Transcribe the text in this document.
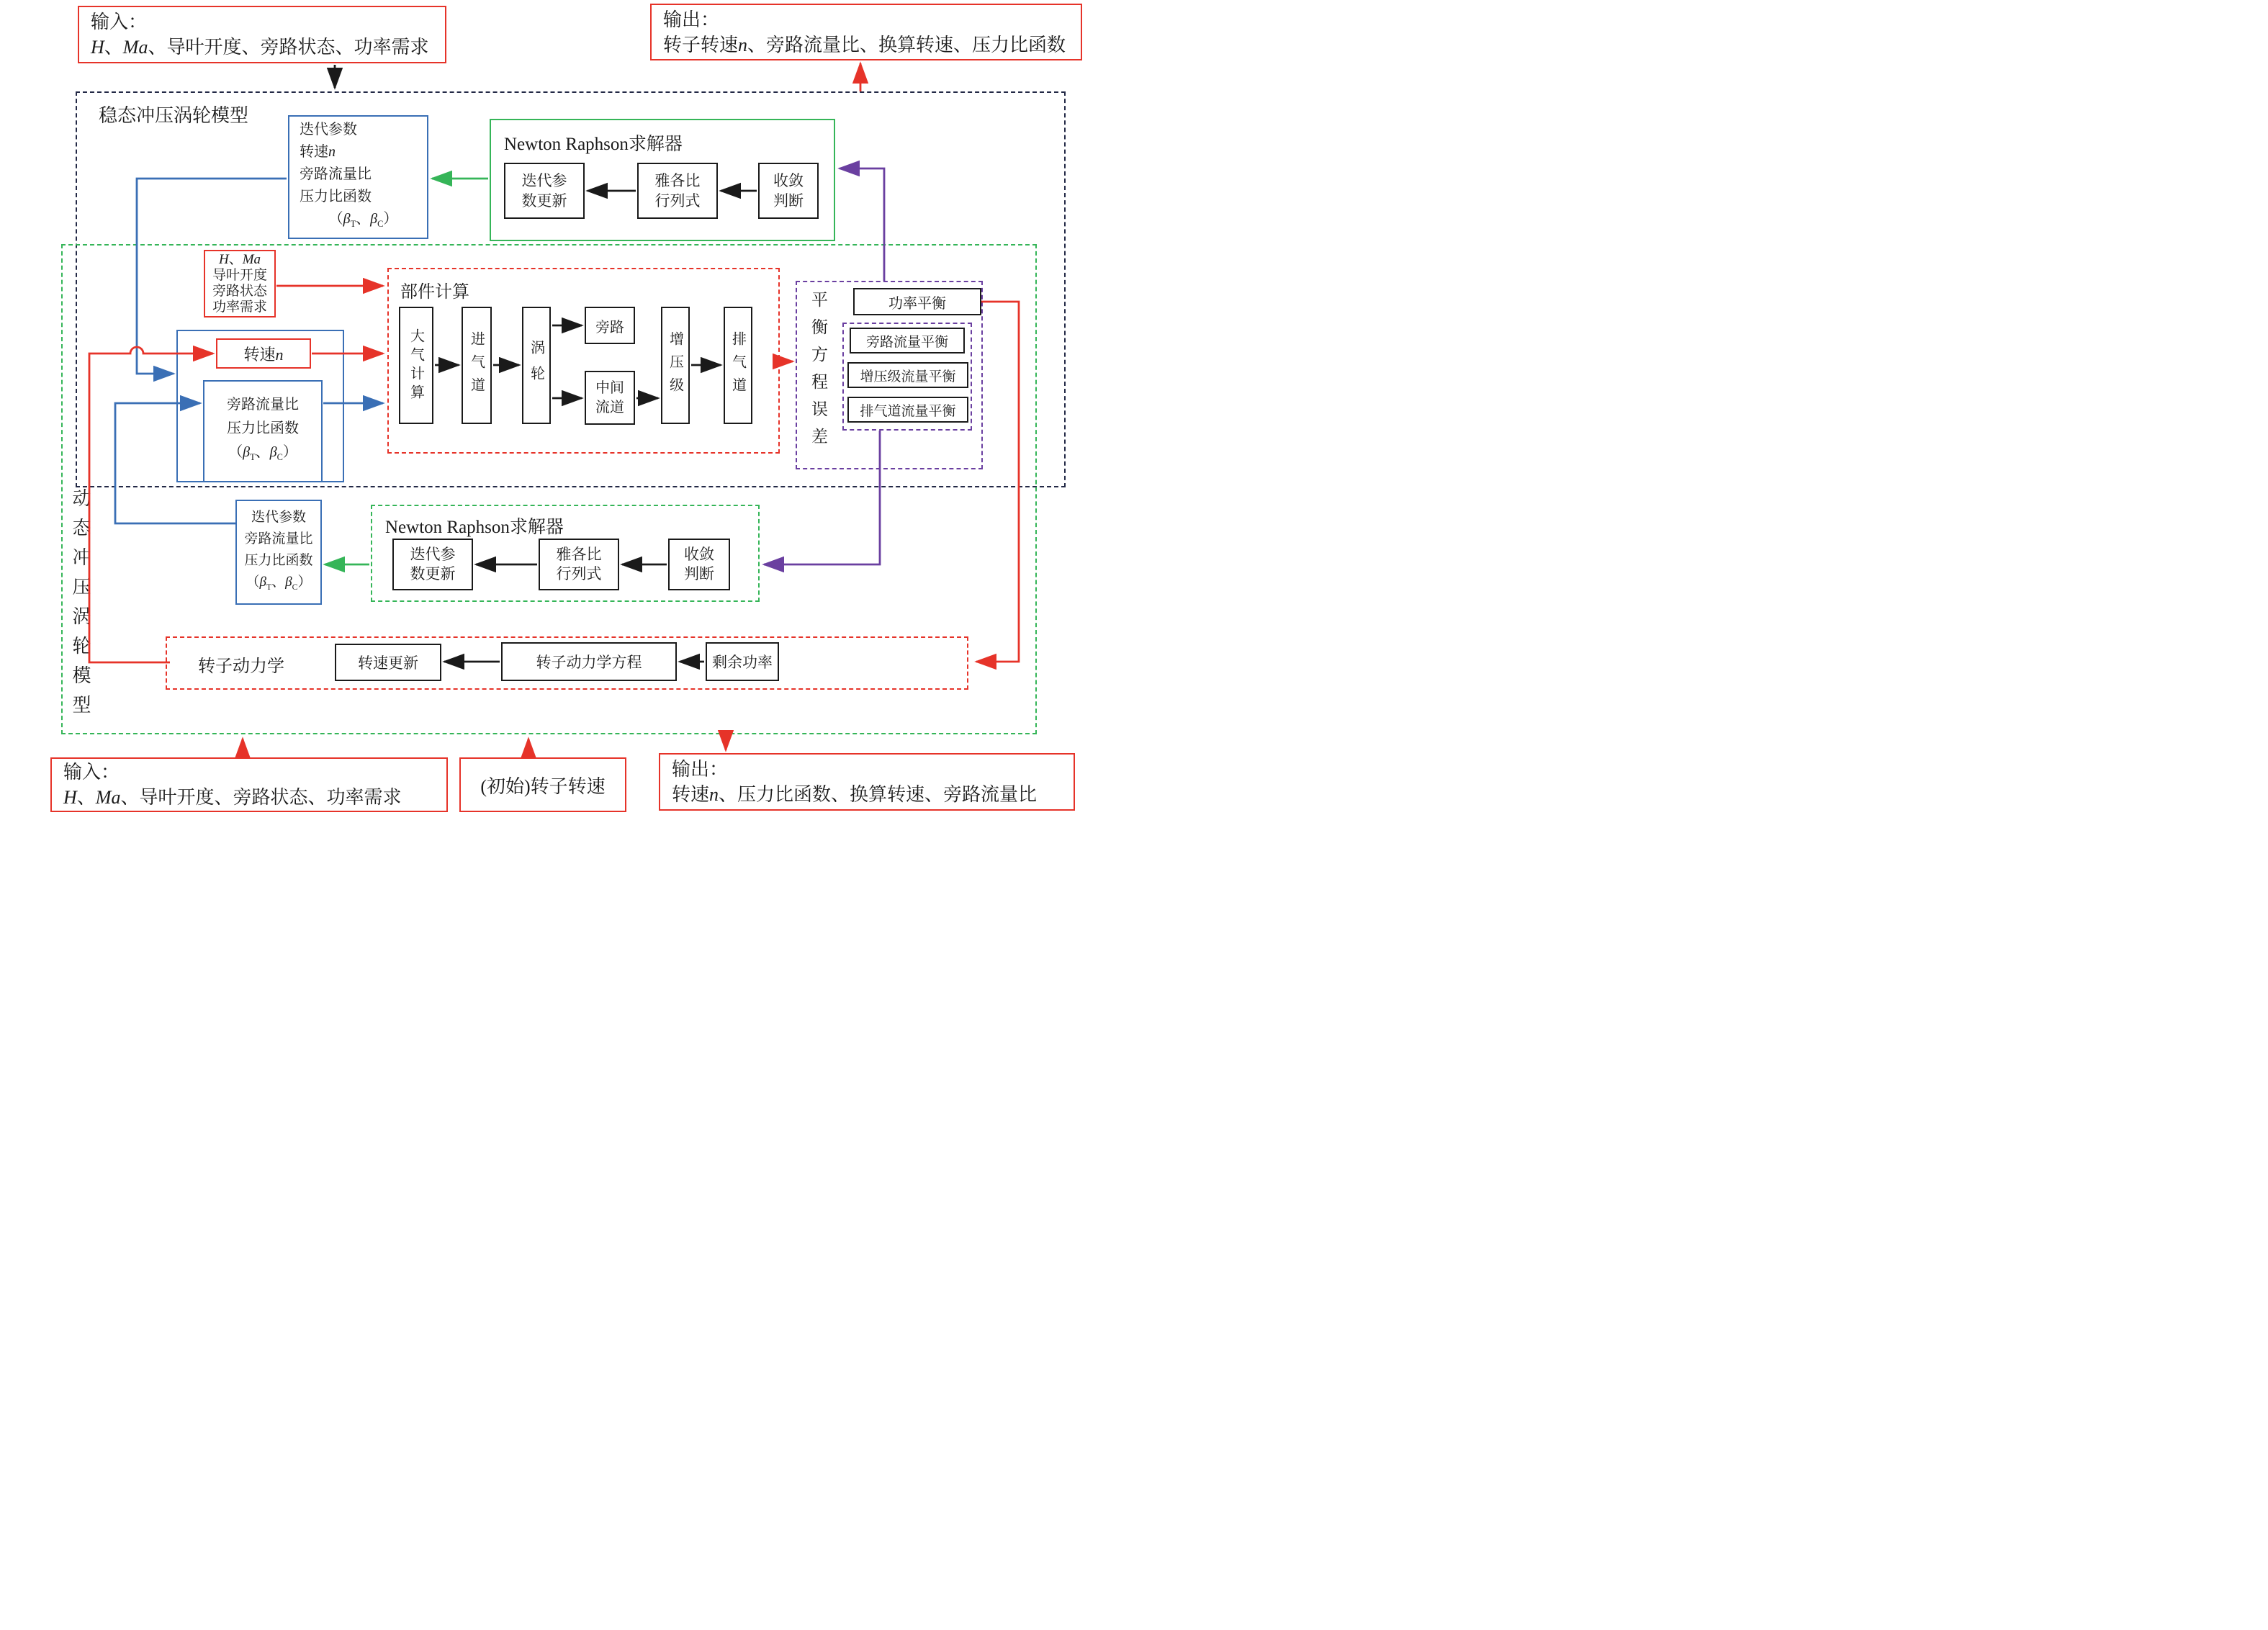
稳态冲压涡轮模型
动态冲压涡轮模型
输入：
H、Ma、导叶开度、旁路状态、功率需求
输出：
转子转速n、旁路流量比、换算转速、压力比函数
迭代参数
转速n
旁路流量比
压力比函数
（$\beta_T$、$\beta_C$）
Newton Raphson求解器
迭代参
数更新
雅各比
行列式
收敛
判断
H、Ma
导叶开度
旁路状态
功率需求
转速n
旁路流量比
压力比函数
（$\beta_T$、$\beta_C$）
部件计算
大气计算	进气道	涡轮
旁路
中间
流道
增压级	排气道	平衡方程误差	功率平衡
旁路流量平衡
增压级流量平衡
排气道流量平衡
迭代参数
旁路流量比
压力比函数
（$\beta_T$、$\beta_C$）
Newton Raphson求解器
迭代参
数更新
雅各比
行列式
收敛
判断
转子动力学	转速更新	转子动力学方程	剩余功率
输入：
H、Ma、导叶开度、旁路状态、功率需求
(初始)转子转速
输出：
转速n、压力比函数、换算转速、旁路流量比
